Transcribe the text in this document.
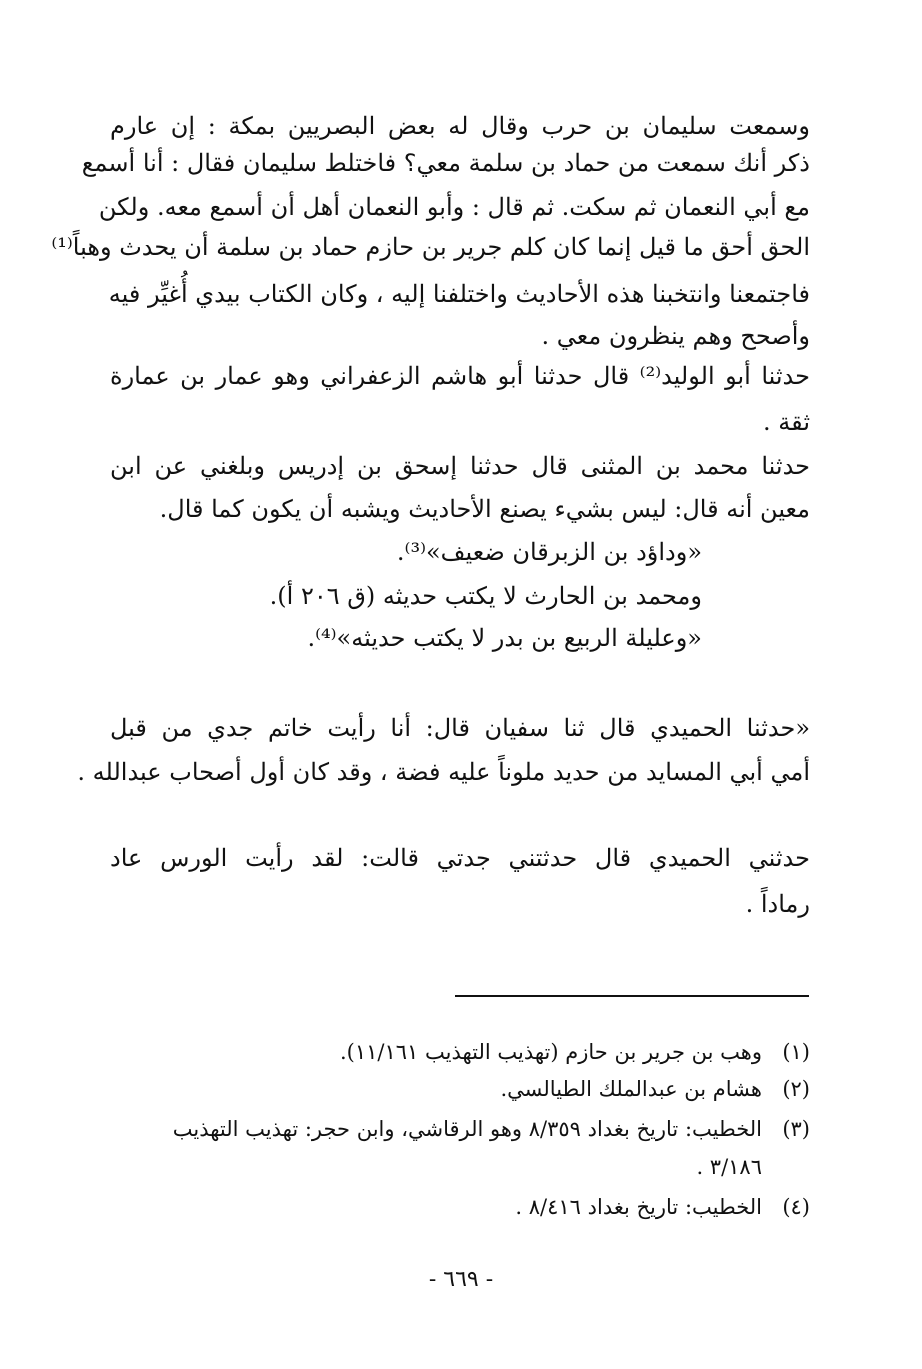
وسمعت سليمان بن حرب وقال له بعض البصريين بمكة : إن عارم
ذكر أنك سمعت من حماد بن سلمة معي؟ فاختلط سليمان فقال : أنا أسمع
مع أبي النعمان ثم سكت. ثم قال : وأبو النعمان أهل أن أسمع معه. ولكن
الحق أحق ما قيل إنما كان كلم جرير بن حازم حماد بن سلمة أن يحدث وهباً⁽¹⁾
فاجتمعنا وانتخبنا هذه الأحاديث واختلفنا إليه ، وكان الكتاب بيدي أُغيِّر فيه
وأصحح وهم ينظرون معي .
حدثنا أبو الوليد⁽²⁾ قال حدثنا أبو هاشم الزعفراني وهو عمار بن عمارة
ثقة .
حدثنا محمد بن المثنى قال حدثنا إسحق بن إدريس وبلغني عن ابن
معين أنه قال: ليس بشيء يصنع الأحاديث ويشبه أن يكون كما قال.
«وداؤد بن الزبرقان ضعيف»⁽³⁾.
ومحمد بن الحارث لا يكتب حديثه (ق ٢٠٦ أ).
«وعليلة الربيع بن بدر لا يكتب حديثه»⁽⁴⁾.
«حدثنا الحميدي قال ثنا سفيان قال: أنا رأيت خاتم جدي من قبل
أمي أبي المسايد من حديد ملوناً عليه فضة ، وقد كان أول أصحاب عبدالله .
حدثني الحميدي قال حدثتني جدتي قالت: لقد رأيت الورس عاد
رماداً .
(١)وهب بن جرير بن حازم (تهذيب التهذيب ١١/١٦١).
(٢)هشام بن عبدالملك الطيالسي.
(٣)الخطيب: تاريخ بغداد ٨/٣٥٩ وهو الرقاشي، وابن حجر: تهذيب التهذيب
٣/١٨٦ .
(٤)الخطيب: تاريخ بغداد ٨/٤١٦ .
- ٦٦٩ -
